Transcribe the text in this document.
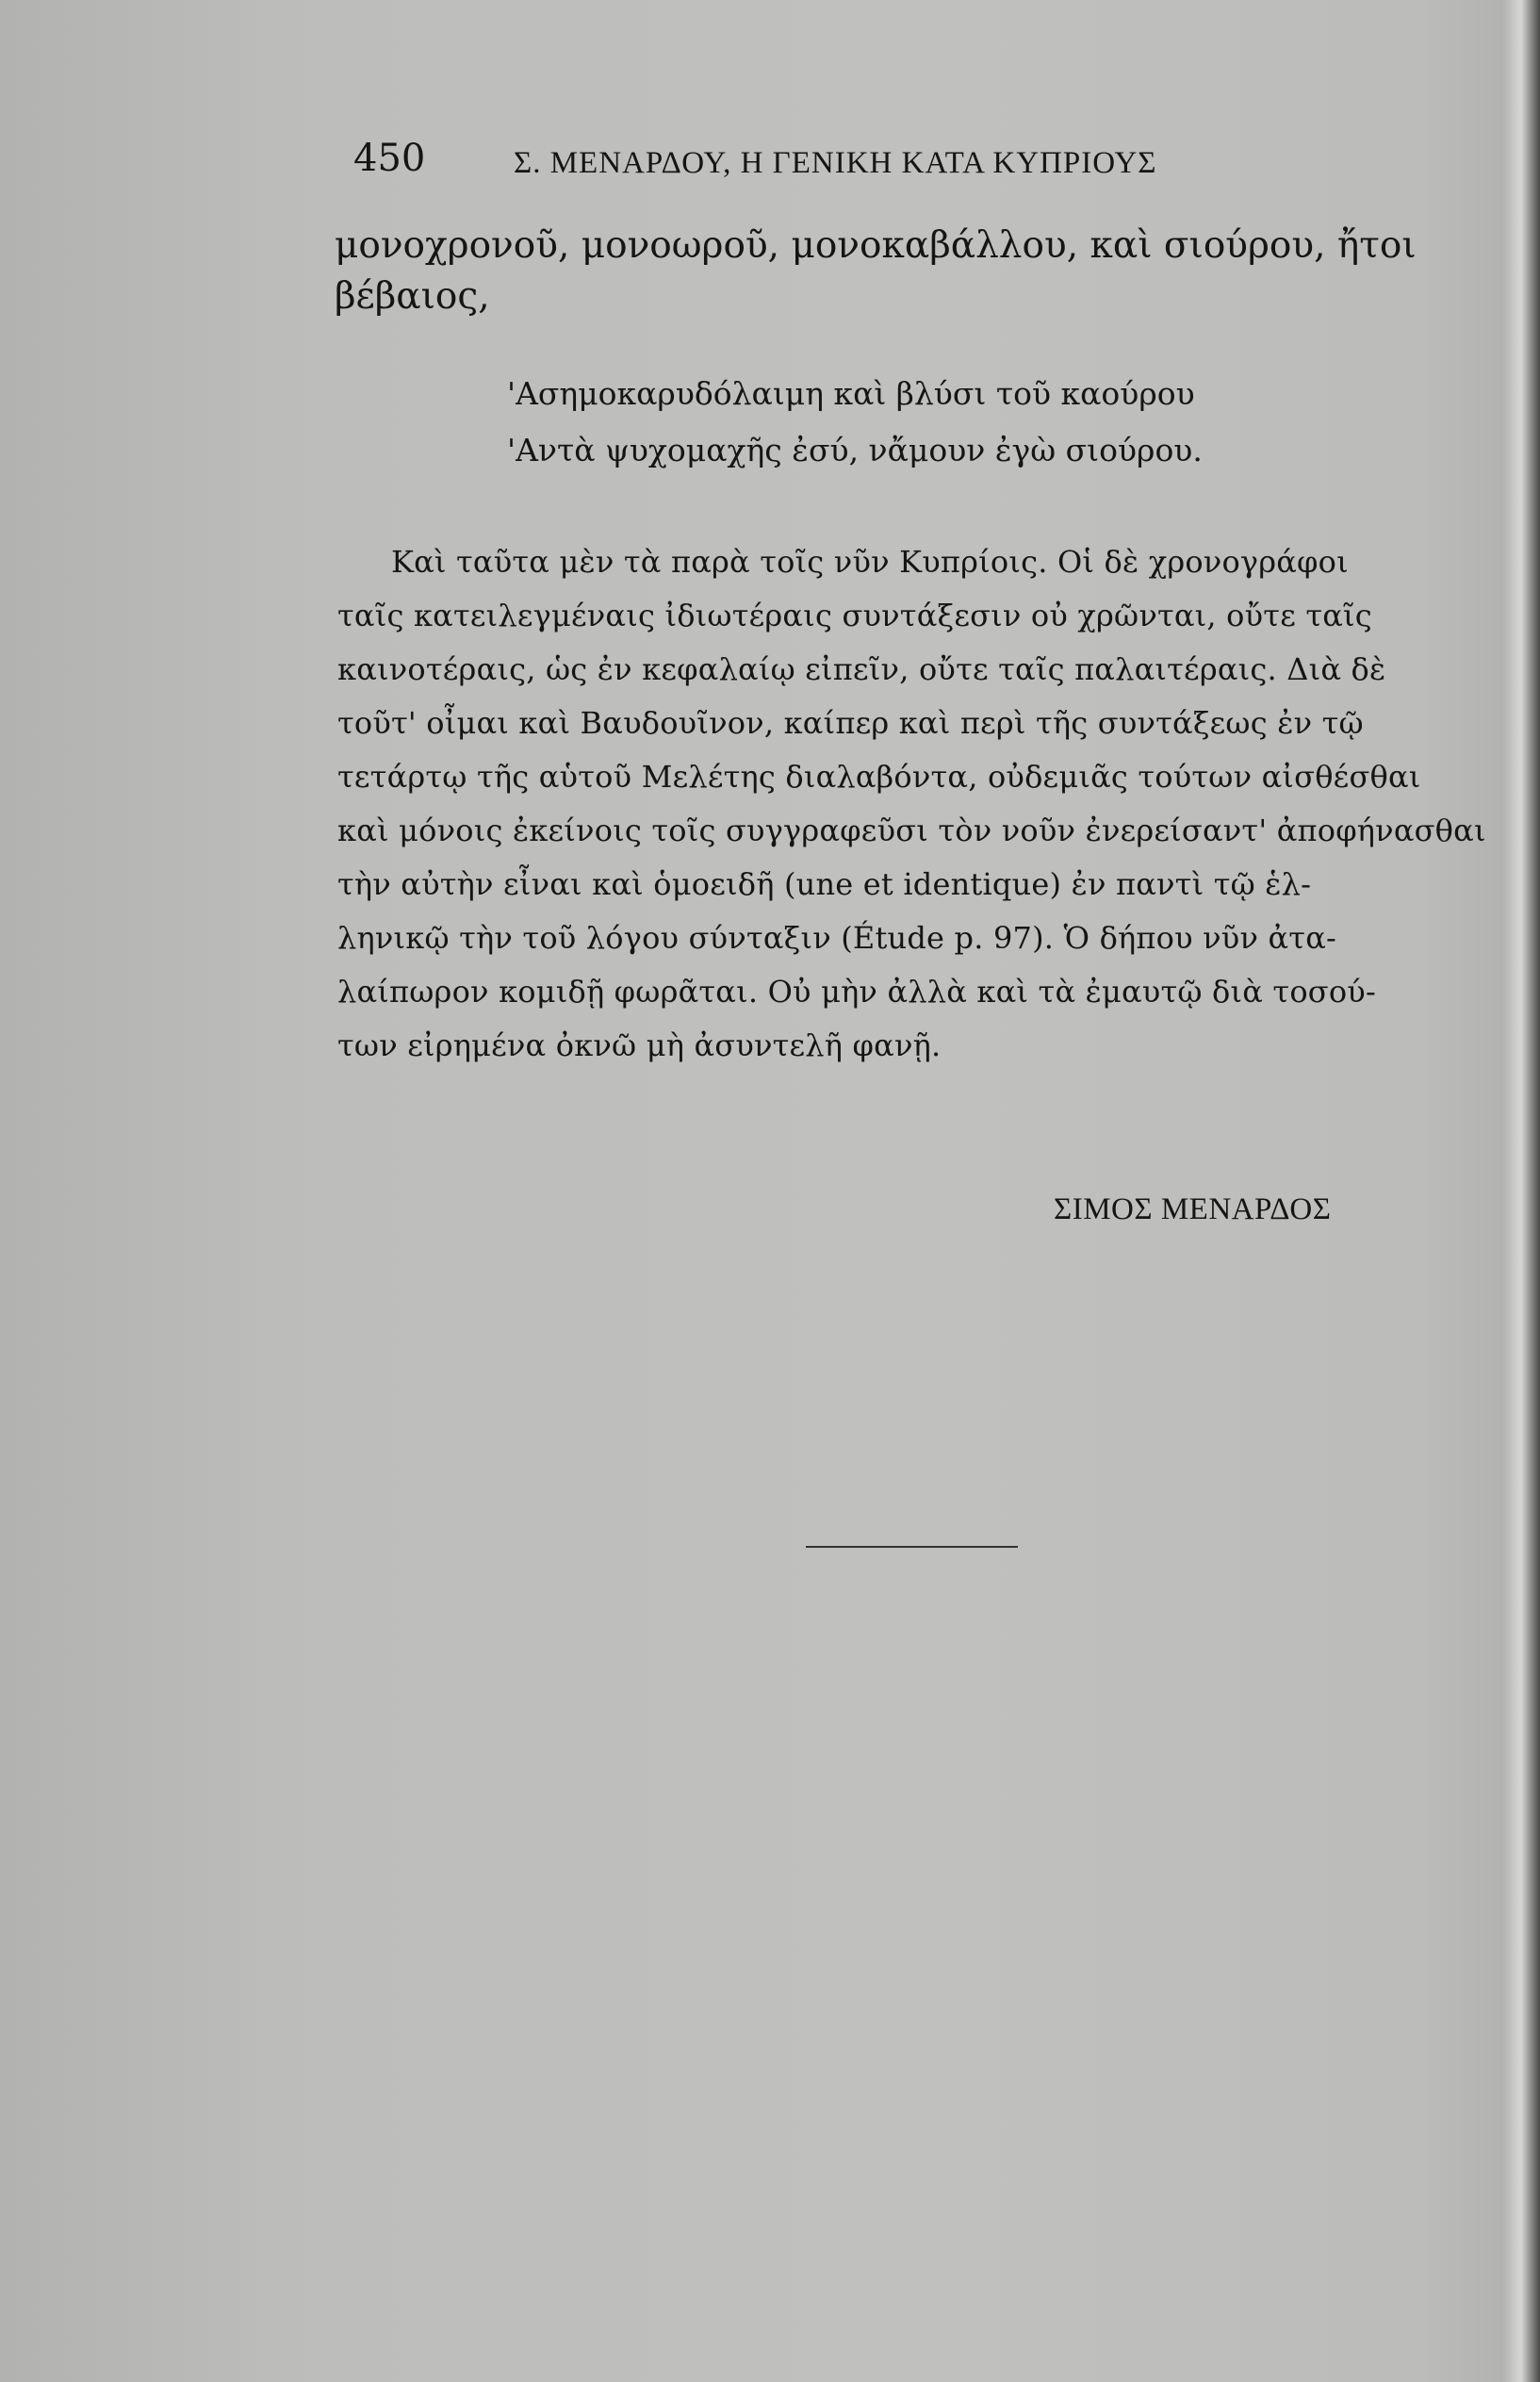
450	Σ. ΜΕΝΑΡΔΟΥ, Η ΓΕΝΙΚΗ ΚΑΤΑ ΚΥΠΡΙΟΥΣ
μονοχρονοῦ, μονοωροῦ, μονοκαβάλλου, καὶ σιούρου, ἤτοι
βέβαιος,
'Ασημοκαρυδόλαιμη καὶ βλύσι τοῦ καούρου
'Αντὰ ψυχομαχῆς ἐσύ, νἄμουν ἐγὼ σιούρου.
Καὶ ταῦτα μὲν τὰ παρὰ τοῖς νῦν Κυπρίοις. Οἱ δὲ χρονογράφοι
ταῖς κατειλεγμέναις ἰδιωτέραις συντάξεσιν οὐ χρῶνται, οὔτε ταῖς
καινοτέραις, ὡς ἐν κεφαλαίῳ εἰπεῖν, οὔτε ταῖς παλαιτέραις. Διὰ δὲ
τοῦτ' οἶμαι καὶ Βαυδουῖνον, καίπερ καὶ περὶ τῆς συντάξεως ἐν τῷ
τετάρτῳ τῆς αὑτοῦ Μελέτης διαλαβόντα, οὐδεμιᾶς τούτων αἰσθέσθαι
καὶ μόνοις ἐκείνοις τοῖς συγγραφεῦσι τὸν νοῦν ἐνερείσαντ' ἀποφήνασθαι
τὴν αὐτὴν εἶναι καὶ ὁμοειδῆ (une et identique) ἐν παντὶ τῷ ἑλ-
ληνικῷ τὴν τοῦ λόγου σύνταξιν (Étude p. 97). Ὁ δήπου νῦν ἀτα-
λαίπωρον κομιδῇ φωρᾶται. Οὐ μὴν ἀλλὰ καὶ τὰ ἐμαυτῷ διὰ τοσού-
των εἰρημένα ὀκνῶ μὴ ἀσυντελῆ φανῇ.
ΣΙΜΟΣ ΜΕΝΑΡΔΟΣ
